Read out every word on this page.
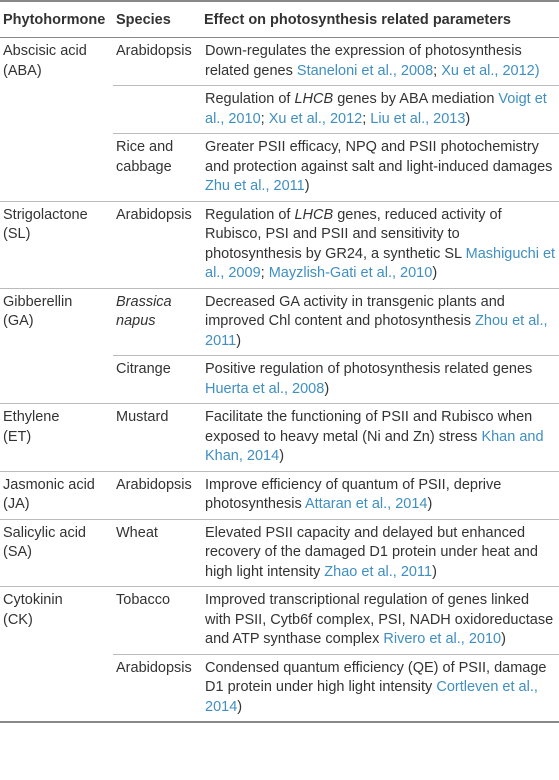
Phytohormone	Species	Effect on photosynthesis related parameters

Abscisic acid
(ABA)	Arabidopsis	Down-regulates the expression of photosynthesis related genes Staneloni et al., 2008; Xu et al., 2012)
		Regulation of LHCB genes by ABA mediation Voigt et al., 2010; Xu et al., 2012; Liu et al., 2013)
	Rice and cabbage	Greater PSII efficacy, NPQ and PSII photochemistry and protection against salt and light-induced damages Zhu et al., 2011)

Strigolactone
(SL)	Arabidopsis	Regulation of LHCB genes, reduced activity of Rubisco, PSI and PSII and sensitivity to photosynthesis by GR24, a synthetic SL Mashiguchi et al., 2009; Mayzlish-Gati et al., 2010)

Gibberellin
(GA)	Brassica napus	Decreased GA activity in transgenic plants and improved Chl content and photosynthesis Zhou et al., 2011)
	Citrange	Positive regulation of photosynthesis related genes Huerta et al., 2008)

Ethylene
(ET)	Mustard	Facilitate the functioning of PSII and Rubisco when exposed to heavy metal (Ni and Zn) stress Khan and Khan, 2014)

Jasmonic acid
(JA)	Arabidopsis	Improve efficiency of quantum of PSII, deprive photosynthesis Attaran et al., 2014)

Salicylic acid
(SA)	Wheat	Elevated PSII capacity and delayed but enhanced recovery of the damaged D1 protein under heat and high light intensity Zhao et al., 2011)

Cytokinin
(CK)	Tobacco	Improved transcriptional regulation of genes linked with PSII, Cytb6f complex, PSI, NADH oxidoreductase and ATP synthase complex Rivero et al., 2010)
	Arabidopsis	Condensed quantum efficiency (QE) of PSII, damage D1 protein under high light intensity Cortleven et al., 2014)
